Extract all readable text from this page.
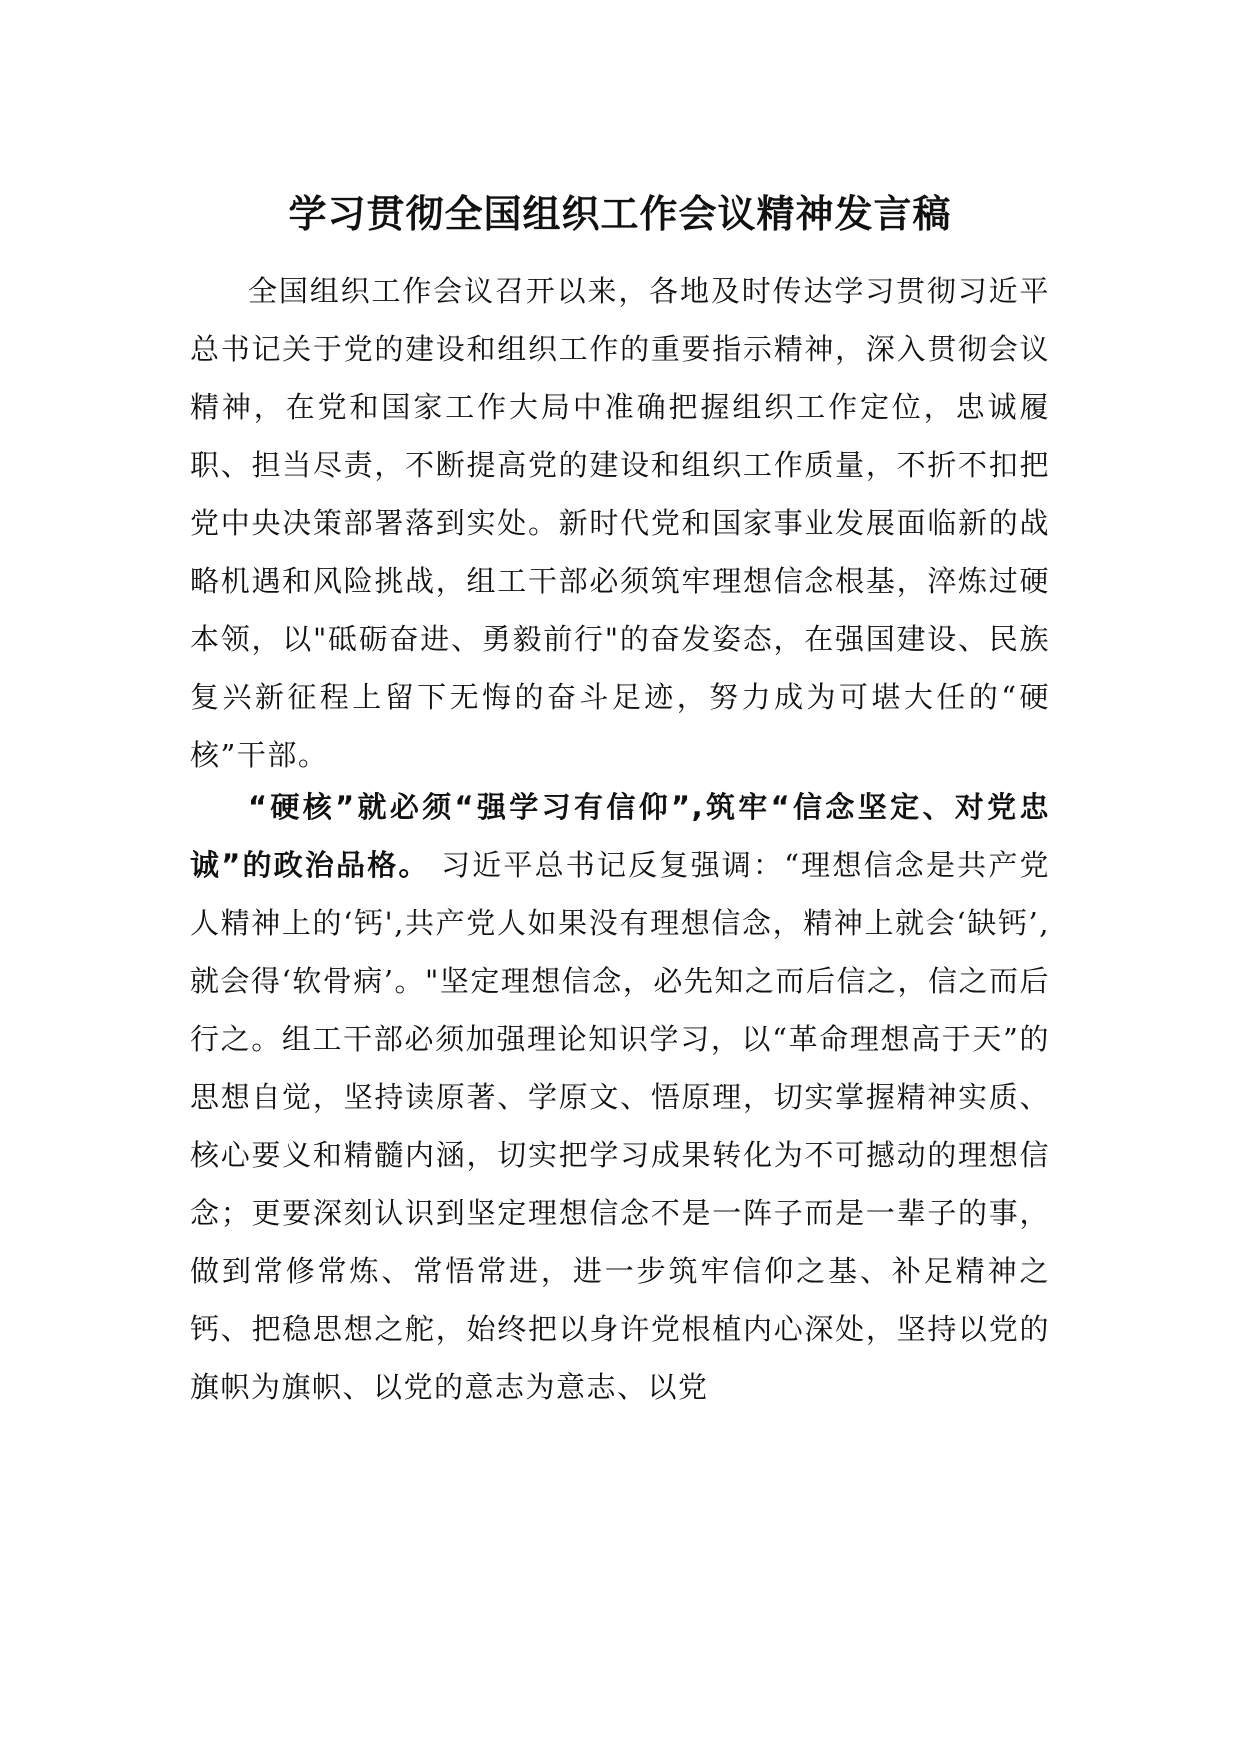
学习贯彻全国组织工作会议精神发言稿

全国组织工作会议召开以来，各地及时传达学习贯彻习近平总书记关于党的建设和组织工作的重要指示精神，深入贯彻会议精神，在党和国家工作大局中准确把握组织工作定位，忠诚履职、担当尽责，不断提高党的建设和组织工作质量，不折不扣把党中央决策部署落到实处。新时代党和国家事业发展面临新的战略机遇和风险挑战，组工干部必须筑牢理想信念根基，淬炼过硬本领，以"砥砺奋进、勇毅前行"的奋发姿态，在强国建设、民族复兴新征程上留下无悔的奋斗足迹，努力成为可堪大任的“硬核”干部。

“硬核”就必须“强学习有信仰”,筑牢“信念坚定、对党忠诚”的政治品格。 习近平总书记反复强调：“理想信念是共产党人精神上的‘钙',共产党人如果没有理想信念，精神上就会‘缺钙’,就会得‘软骨病’。"坚定理想信念，必先知之而后信之，信之而后行之。组工干部必须加强理论知识学习，以“革命理想高于天”的思想自觉，坚持读原著、学原文、悟原理，切实掌握精神实质、核心要义和精髓内涵，切实把学习成果转化为不可撼动的理想信念；更要深刻认识到坚定理想信念不是一阵子而是一辈子的事，做到常修常炼、常悟常进，进一步筑牢信仰之基、补足精神之钙、把稳思想之舵，始终把以身许党根植内心深处，坚持以党的旗帜为旗帜、以党的意志为意志、以党
